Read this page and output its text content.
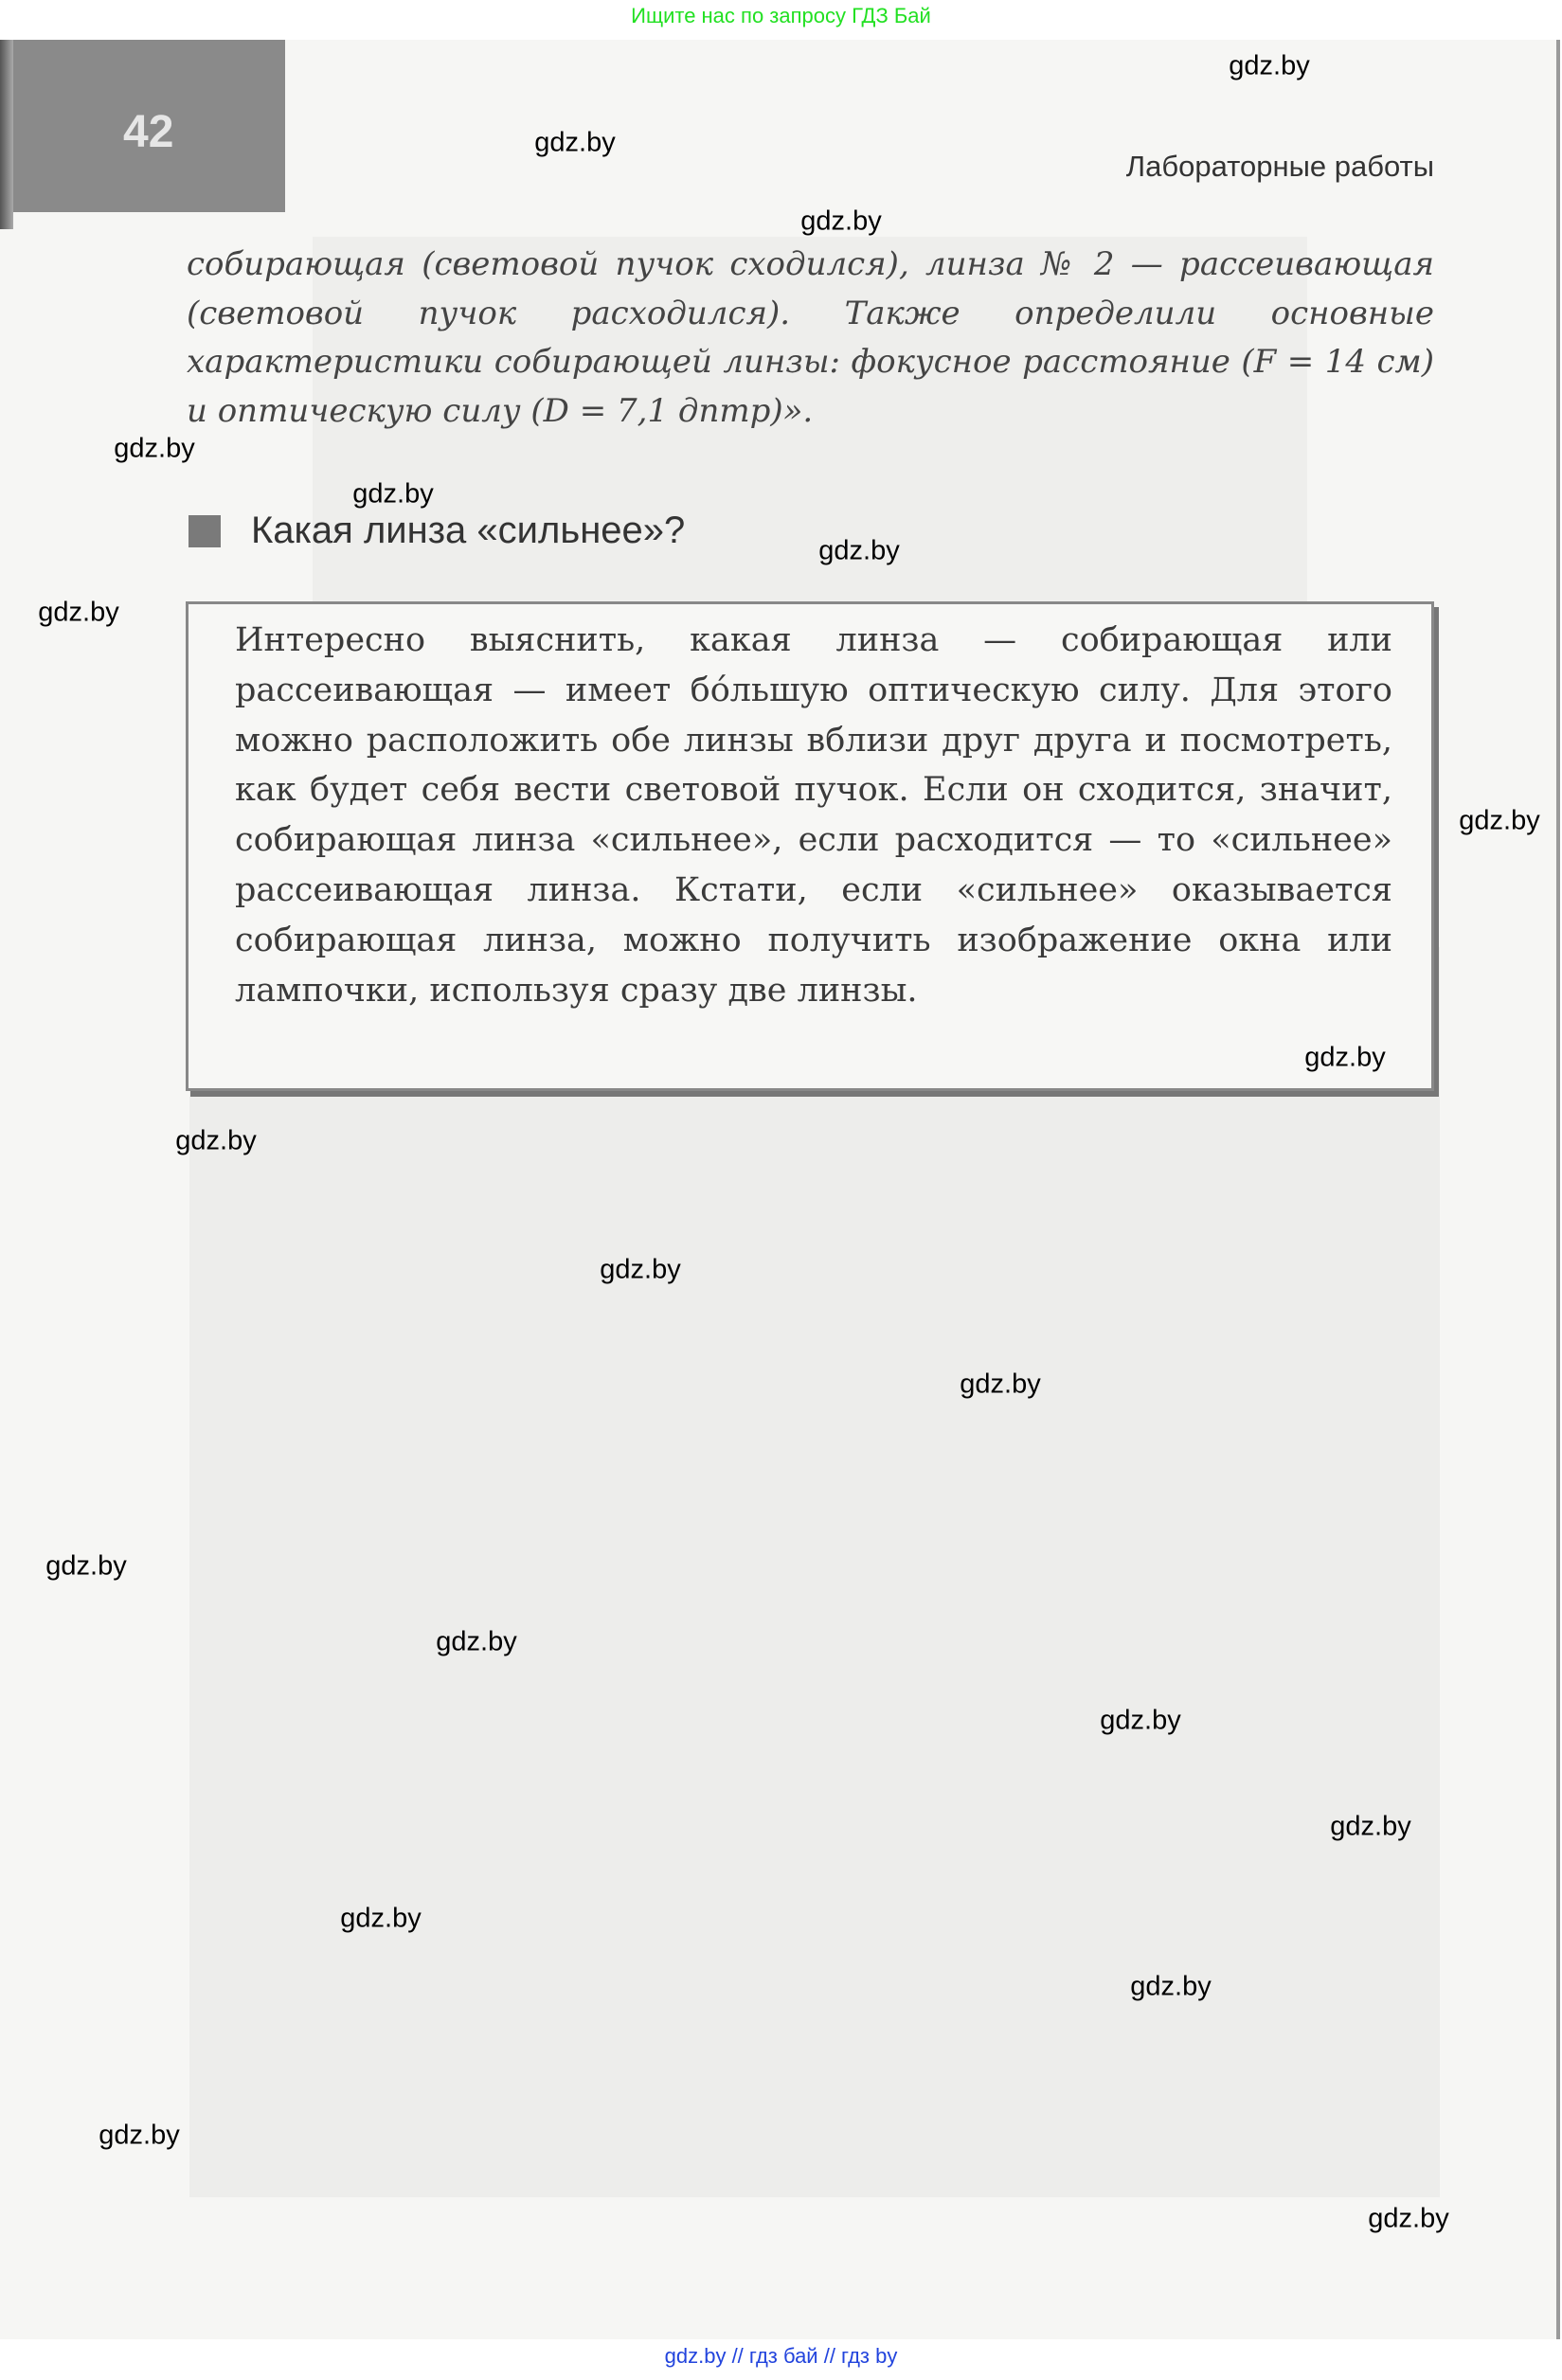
Ищите нас по запросу ГДЗ Бай
42
Лабораторные работы
собирающая (световой пучок сходился), линза № 2 — рассеивающая (световой пучок расходился). Также определили основные характеристики собирающей линзы: фокусное расстояние (F = 14 см) и оптическую силу (D = 7,1 дптр)».
Какая линза «сильнее»?
Интересно выяснить, какая линза — собирающая или рассеивающая — имеет бóльшую оптическую силу. Для этого можно расположить обе линзы вблизи друг друга и посмотреть, как будет себя вести световой пучок. Если он сходится, значит, собирающая линза «сильнее», если расходится — то «сильнее» рассеивающая линза. Кстати, если «сильнее» оказывается собирающая линза, можно получить изображение окна или лампочки, используя сразу две линзы.
gdz.by
gdz.by
gdz.by
gdz.by
gdz.by
gdz.by
gdz.by
gdz.by
gdz.by
gdz.by
gdz.by
gdz.by
gdz.by
gdz.by
gdz.by
gdz.by
gdz.by
gdz.by
gdz.by
gdz.by
gdz.by // гдз бай // гдз by
